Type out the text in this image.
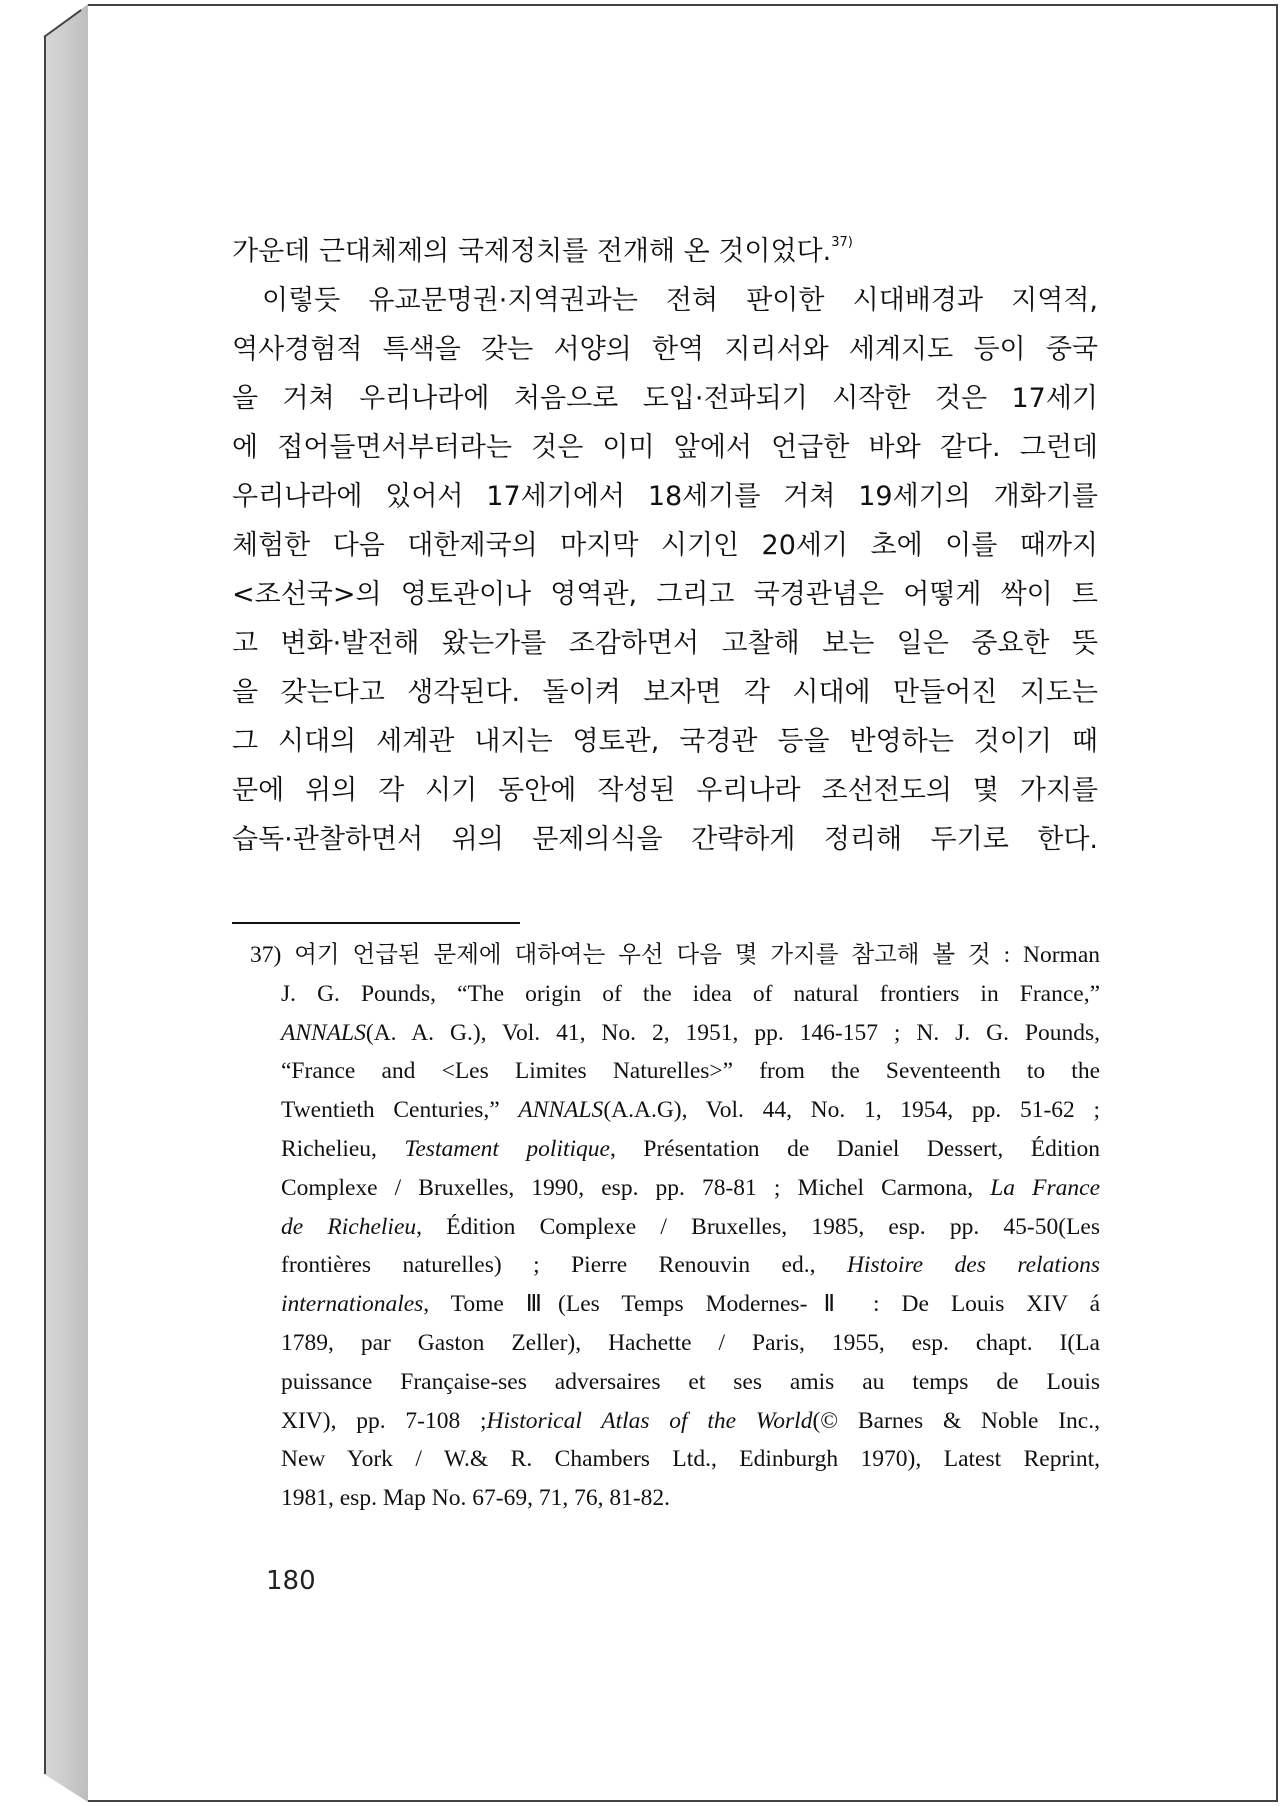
가운데 근대체제의 국제정치를 전개해 온 것이었다.$^{37)}$
이렇듯 유교문명권·지역권과는 전혀 판이한 시대배경과 지역적,
역사경험적 특색을 갖는 서양의 한역 지리서와 세계지도 등이 중국
을 거쳐 우리나라에 처음으로 도입·전파되기 시작한 것은 17세기
에 접어들면서부터라는 것은 이미 앞에서 언급한 바와 같다. 그런데
우리나라에 있어서 17세기에서 18세기를 거쳐 19세기의 개화기를
체험한 다음 대한제국의 마지막 시기인 20세기 초에 이를 때까지
<조선국>의 영토관이나 영역관, 그리고 국경관념은 어떻게 싹이 트
고 변화·발전해 왔는가를 조감하면서 고찰해 보는 일은 중요한 뜻
을 갖는다고 생각된다. 돌이켜 보자면 각 시대에 만들어진 지도는
그 시대의 세계관 내지는 영토관, 국경관 등을 반영하는 것이기 때
문에 위의 각 시기 동안에 작성된 우리나라 조선전도의 몇 가지를
습독·관찰하면서 위의 문제의식을 간략하게 정리해 두기로 한다.
37) 여기 언급된 문제에 대하여는 우선 다음 몇 가지를 참고해 볼 것 : Norman
J. G. Pounds, “The origin of the idea of natural frontiers in France,”
ANNALS(A. A. G.), Vol. 41, No. 2, 1951, pp. 146-157 ; N. J. G. Pounds,
“France and <Les Limites Naturelles>” from the Seventeenth to the
Twentieth Centuries,” ANNALS(A.A.G), Vol. 44, No. 1, 1954, pp. 51-62 ;
Richelieu, Testament politique, Présentation de Daniel Dessert, Édition
Complexe / Bruxelles, 1990, esp. pp. 78-81 ; Michel Carmona, La France
de Richelieu, Édition Complexe / Bruxelles, 1985, esp. pp. 45-50(Les
frontières naturelles) ; Pierre Renouvin ed., Histoire des relations
internationales, Tome Ⅲ(Les Temps Modernes-Ⅱ : De Louis XIV á
1789, par Gaston Zeller), Hachette / Paris, 1955, esp. chapt. I(La
puissance Française-ses adversaires et ses amis au temps de Louis
XIV), pp. 7-108 ;Historical Atlas of the World(© Barnes & Noble Inc.,
New York / W.& R. Chambers Ltd., Edinburgh 1970), Latest Reprint,
1981, esp. Map No. 67-69, 71, 76, 81-82.
180
